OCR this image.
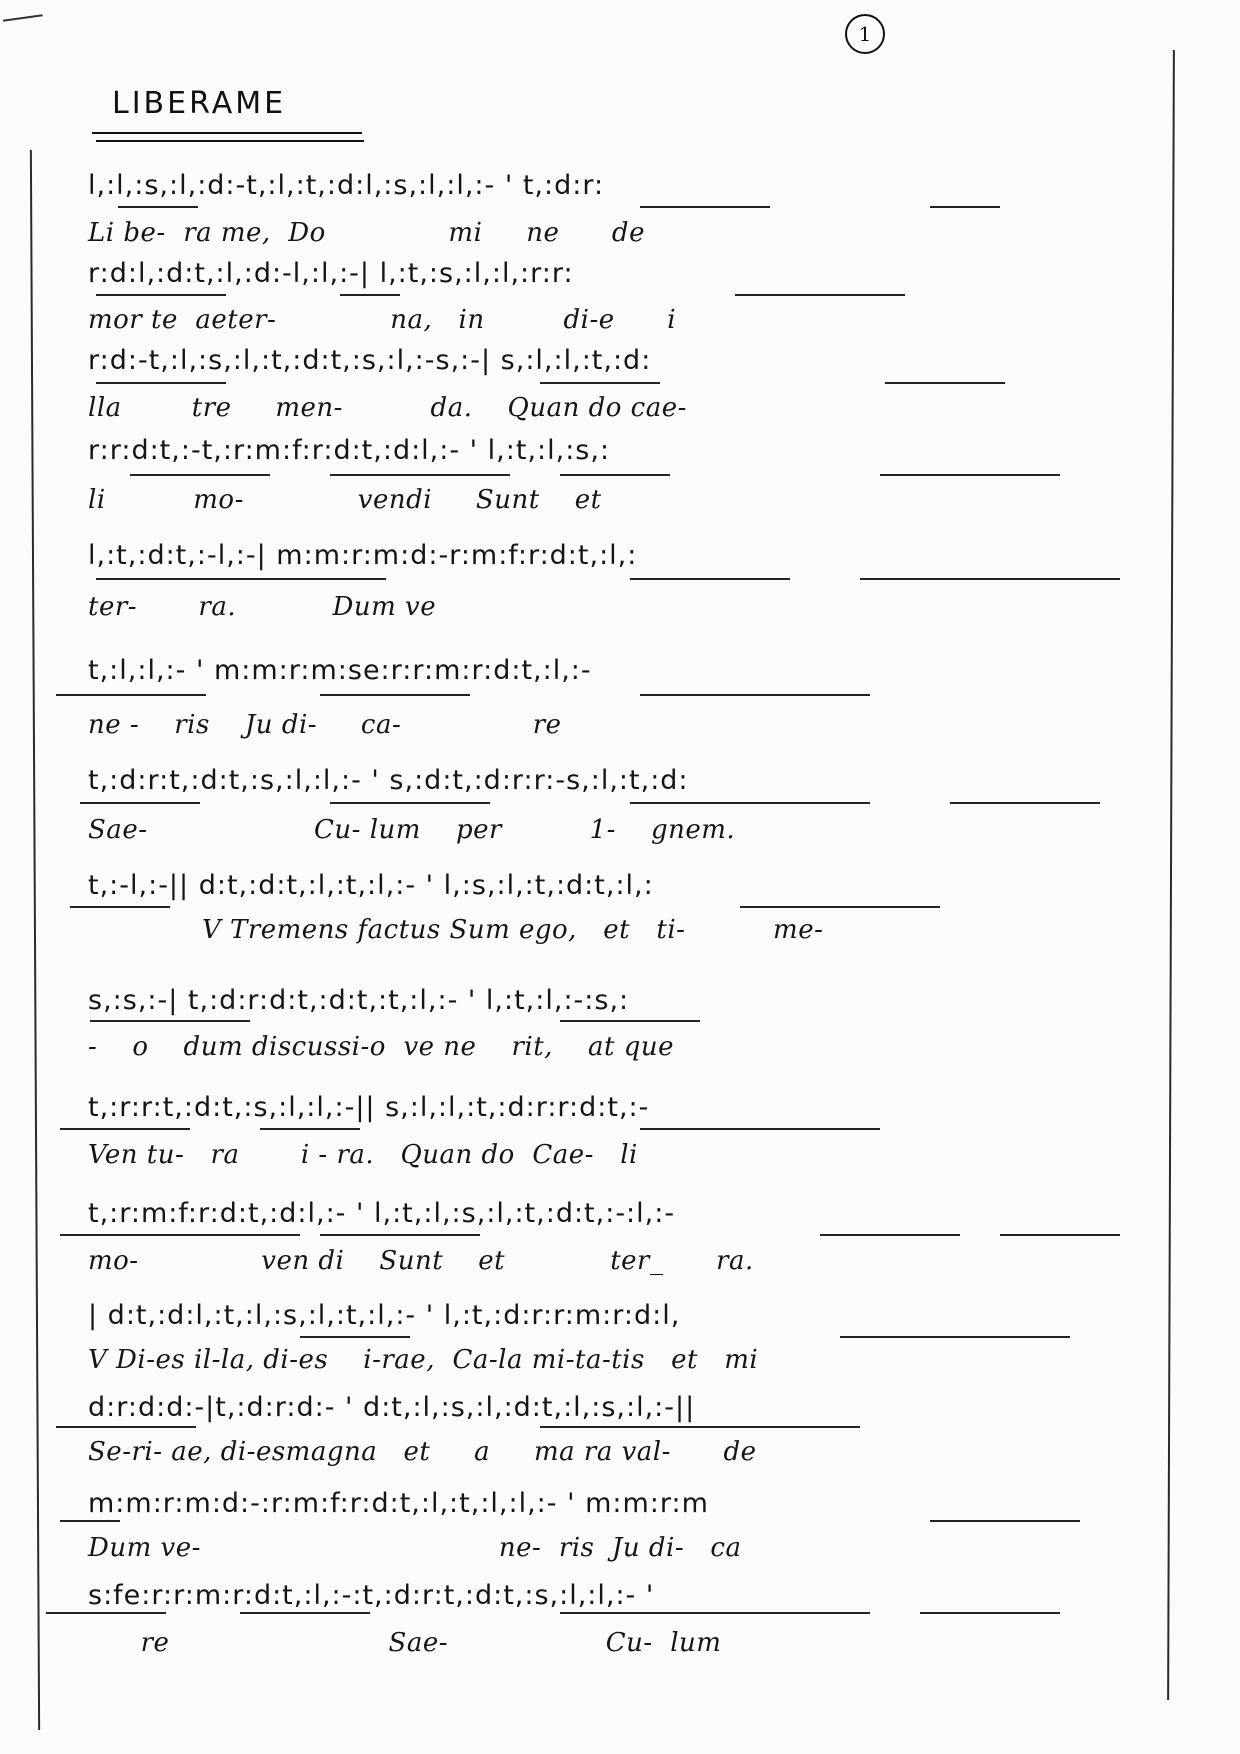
1
LIBERAME
l,:l,:s,:l,:d:-t,:l,:t,:d:l,:s,:l,:l,:- ' t,:d:r:
Li be-  ra me,  Do              mi     ne      de
r:d:l,:d:t,:l,:d:-l,:l,:-| l,:t,:s,:l,:l,:r:r:
mor te  aeter-             na,   in         di-e      i
r:d:-t,:l,:s,:l,:t,:d:t,:s,:l,:-s,:-| s,:l,:l,:t,:d:
lla        tre     men-          da.    Quan do cae-
r:r:d:t,:-t,:r:m:f:r:d:t,:d:l,:- ' l,:t,:l,:s,:
li          mo-             vendi     Sunt    et
l,:t,:d:t,:-l,:-| m:m:r:m:d:-r:m:f:r:d:t,:l,:
ter-       ra.           Dum ve
t,:l,:l,:- ' m:m:r:m:se:r:r:m:r:d:t,:l,:-
ne -    ris    Ju di-     ca-               re
t,:d:r:t,:d:t,:s,:l,:l,:- ' s,:d:t,:d:r:r:-s,:l,:t,:d:
Sae-                   Cu- lum    per          1-    gnem.
t,:-l,:-|| d:t,:d:t,:l,:t,:l,:- ' l,:s,:l,:t,:d:t,:l,:
V Tremens factus Sum ego,   et   ti-          me-
s,:s,:-| t,:d:r:d:t,:d:t,:t,:l,:- ' l,:t,:l,:-:s,:
-    o    dum discussi-o  ve ne    rit,    at que
t,:r:r:t,:d:t,:s,:l,:l,:-|| s,:l,:l,:t,:d:r:r:d:t,:-
Ven tu-   ra       i - ra.   Quan do  Cae-   li
t,:r:m:f:r:d:t,:d:l,:- ' l,:t,:l,:s,:l,:t,:d:t,:-:l,:-
mo-              ven di    Sunt    et            ter_      ra.
| d:t,:d:l,:t,:l,:s,:l,:t,:l,:- ' l,:t,:d:r:r:m:r:d:l,
V Di-es il-la, di-es    i-rae,  Ca-la mi-ta-tis   et   mi
d:r:d:d:-|t,:d:r:d:- ' d:t,:l,:s,:l,:d:t,:l,:s,:l,:-||
Se-ri- ae, di-esmagna   et     a     ma ra val-      de
m:m:r:m:d:-:r:m:f:r:d:t,:l,:t,:l,:l,:- ' m:m:r:m
Dum ve-                                  ne-  ris  Ju di-   ca
s:fe:r:r:m:r:d:t,:l,:-:t,:d:r:t,:d:t,:s,:l,:l,:- '
re                         Sae-                  Cu-  lum
